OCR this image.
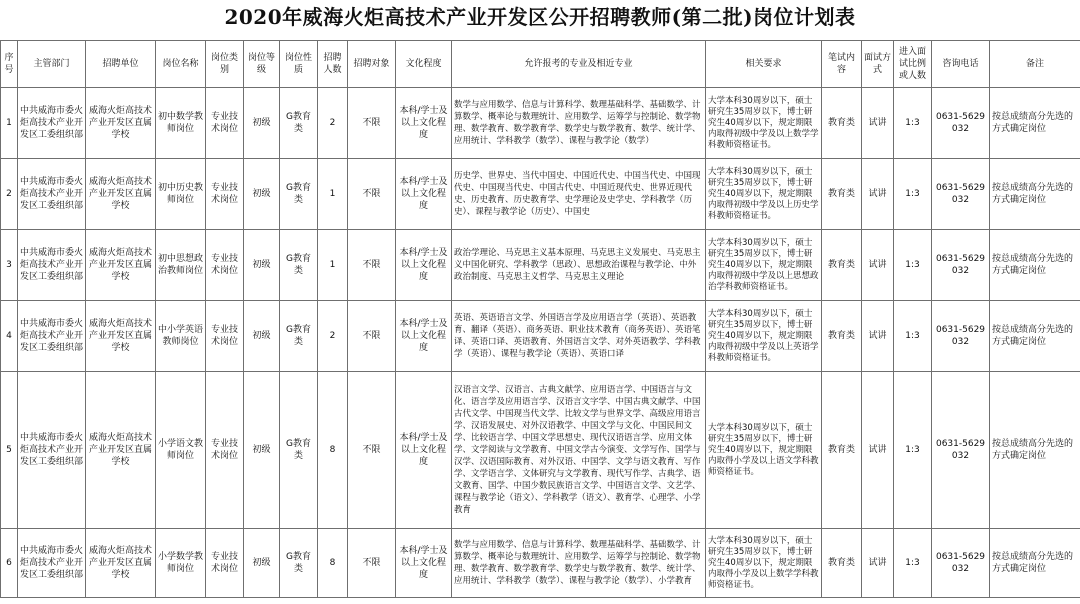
2020年威海火炬高技术产业开发区公开招聘教师(第二批)岗位计划表
序号	主管部门	招聘单位	岗位名称	岗位类别	岗位等级	岗位性质	招聘人数	招聘对象	文化程度	允许报考的专业及相近专业	相关要求	笔试内容	面试方式	进入面试比例或人数	咨询电话	备注
1	中共威海市委火炬高技术产业开发区工委组织部	威海火炬高技术产业开发区直属学校	初中数学教师岗位	专业技术岗位	初级	G教育类	2	不限	本科/学士及以上文化程度	数学与应用数学、信息与计算科学、数理基础科学、基础数学、计算数学、概率论与数理统计、应用数学、运筹学与控制论、数学物理、数学教育、数学教育学、数学史与数学教育、数学、统计学、应用统计、学科教学（数学）、课程与教学论（数学）	大学本科30周岁以下，硕士研究生35周岁以下，博士研究生40周岁以下，规定期限内取得初级中学及以上数学学科教师资格证书。	教育类	试讲	1:3	0631-5629032	按总成绩高分先选的方式确定岗位
2	中共威海市委火炬高技术产业开发区工委组织部	威海火炬高技术产业开发区直属学校	初中历史教师岗位	专业技术岗位	初级	G教育类	1	不限	本科/学士及以上文化程度	历史学、世界史、当代中国史、中国近代史、中国当代史、中国现代史、中国现当代史、中国古代史、中国近现代史、世界近现代史、历史教育、历史教育学、史学理论及史学史、学科教学（历史）、课程与教学论（历史）、中国史	大学本科30周岁以下，硕士研究生35周岁以下，博士研究生40周岁以下，规定期限内取得初级中学及以上历史学科教师资格证书。	教育类	试讲	1:3	0631-5629032	按总成绩高分先选的方式确定岗位
3	中共威海市委火炬高技术产业开发区工委组织部	威海火炬高技术产业开发区直属学校	初中思想政治教师岗位	专业技术岗位	初级	G教育类	1	不限	本科/学士及以上文化程度	政治学理论、马克思主义基本原理、马克思主义发展史、马克思主义中国化研究、学科教学（思政）、思想政治课程与教学论、中外政治制度、马克思主义哲学、马克思主义理论	大学本科30周岁以下，硕士研究生35周岁以下，博士研究生40周岁以下，规定期限内取得初级中学及以上思想政治学科教师资格证书。	教育类	试讲	1:3	0631-5629032	按总成绩高分先选的方式确定岗位
4	中共威海市委火炬高技术产业开发区工委组织部	威海火炬高技术产业开发区直属学校	中小学英语教师岗位	专业技术岗位	初级	G教育类	2	不限	本科/学士及以上文化程度	英语、英语语言文学、外国语言学及应用语言学（英语）、英语教育、翻译（英语）、商务英语、职业技术教育（商务英语）、英语笔译、英语口译、英语教育、外国语言文学、对外英语教学、学科教学（英语）、课程与教学论（英语）、英语口译	大学本科30周岁以下，硕士研究生35周岁以下，博士研究生40周岁以下，规定期限内取得初级中学及以上英语学科教师资格证书。	教育类	试讲	1:3	0631-5629032	按总成绩高分先选的方式确定岗位
5	中共威海市委火炬高技术产业开发区工委组织部	威海火炬高技术产业开发区直属学校	小学语文教师岗位	专业技术岗位	初级	G教育类	8	不限	本科/学士及以上文化程度	汉语言文学、汉语言、古典文献学、应用语言学、中国语言与文化、语言学及应用语言学、汉语言文字学、中国古典文献学、中国古代文学、中国现当代文学、比较文学与世界文学、高级应用语言学、汉语发展史、对外汉语教学、中国文学与文化、中国民间文学、比较语言学、中国文学思想史、现代汉语语言学、应用文体学、文学阅读与文学教育、中国文学古今演变、文学写作、国学与汉学、汉语国际教育、对外汉语、中国学、文学与语文教育、写作学、文学语言学、文体研究与文学教育、现代写作学、古典学、语文教育、国学、中国少数民族语言文学、中国语言文学、文艺学、课程与教学论（语文）、学科教学（语文）、教育学、心理学、小学教育	大学本科30周岁以下，硕士研究生35周岁以下，博士研究生40周岁以下，规定期限内取得小学及以上语文学科教师资格证书。	教育类	试讲	1:3	0631-5629032	按总成绩高分先选的方式确定岗位
6	中共威海市委火炬高技术产业开发区工委组织部	威海火炬高技术产业开发区直属学校	小学数学教师岗位	专业技术岗位	初级	G教育类	8	不限	本科/学士及以上文化程度	数学与应用数学、信息与计算科学、数理基础科学、基础数学、计算数学、概率论与数理统计、应用数学、运筹学与控制论、数学物理、数学教育、数学教育学、数学史与数学教育、数学、统计学、应用统计、学科教学（数学）、课程与教学论（数学）、小学教育	大学本科30周岁以下，硕士研究生35周岁以下，博士研究生40周岁以下，规定期限内取得小学及以上数学学科教师资格证书。	教育类	试讲	1:3	0631-5629032	按总成绩高分先选的方式确定岗位
